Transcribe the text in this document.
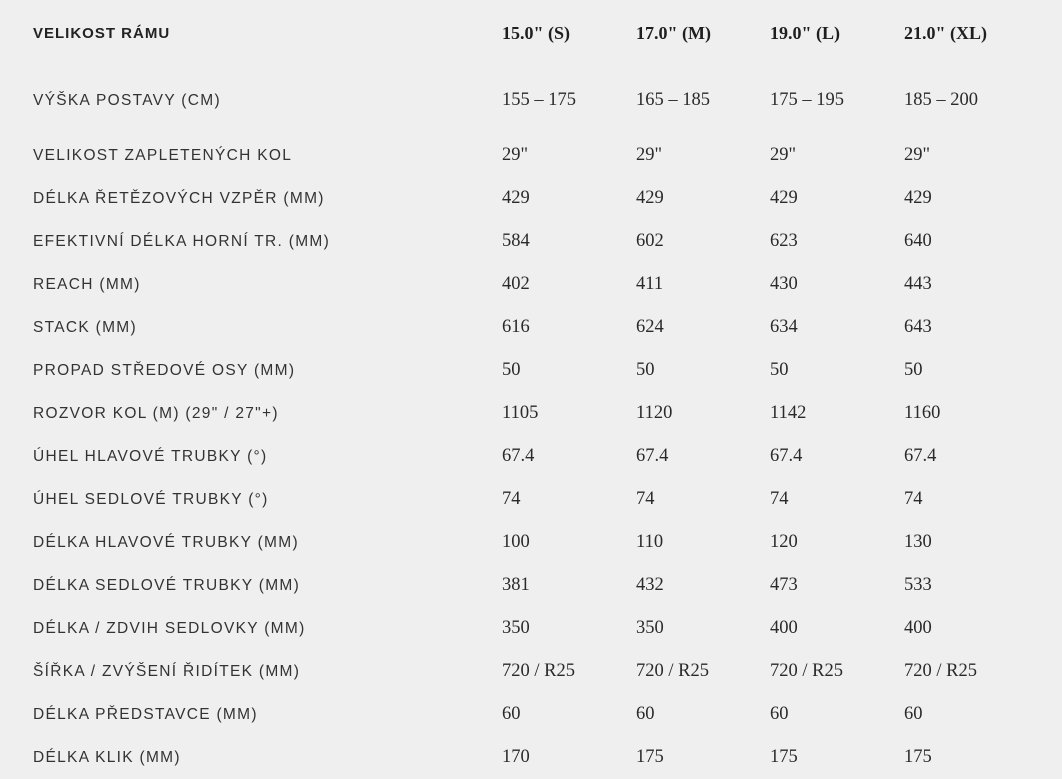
VELIKOST RÁMU	15.0" (S)	17.0" (M)	19.0" (L)	21.0" (XL)
VÝŠKA POSTAVY (CM)	155 – 175	165 – 185	175 – 195	185 – 200
VELIKOST ZAPLETENÝCH KOL	29"	29"	29"	29"
DÉLKA ŘETĚZOVÝCH VZPĚR (MM)	429	429	429	429
EFEKTIVNÍ DÉLKA HORNÍ TR. (MM)	584	602	623	640
REACH (MM)	402	411	430	443
STACK (MM)	616	624	634	643
PROPAD STŘEDOVÉ OSY (MM)	50	50	50	50
ROZVOR KOL (M) (29" / 27"+)	1105	1120	1142	1160
ÚHEL HLAVOVÉ TRUBKY (°)	67.4	67.4	67.4	67.4
ÚHEL SEDLOVÉ TRUBKY (°)	74	74	74	74
DÉLKA HLAVOVÉ TRUBKY (MM)	100	110	120	130
DÉLKA SEDLOVÉ TRUBKY (MM)	381	432	473	533
DÉLKA / ZDVIH SEDLOVKY (MM)	350	350	400	400
ŠÍŘKA / ZVÝŠENÍ ŘIDÍTEK (MM)	720 / R25	720 / R25	720 / R25	720 / R25
DÉLKA PŘEDSTAVCE (MM)	60	60	60	60
DÉLKA KLIK (MM)	170	175	175	175
